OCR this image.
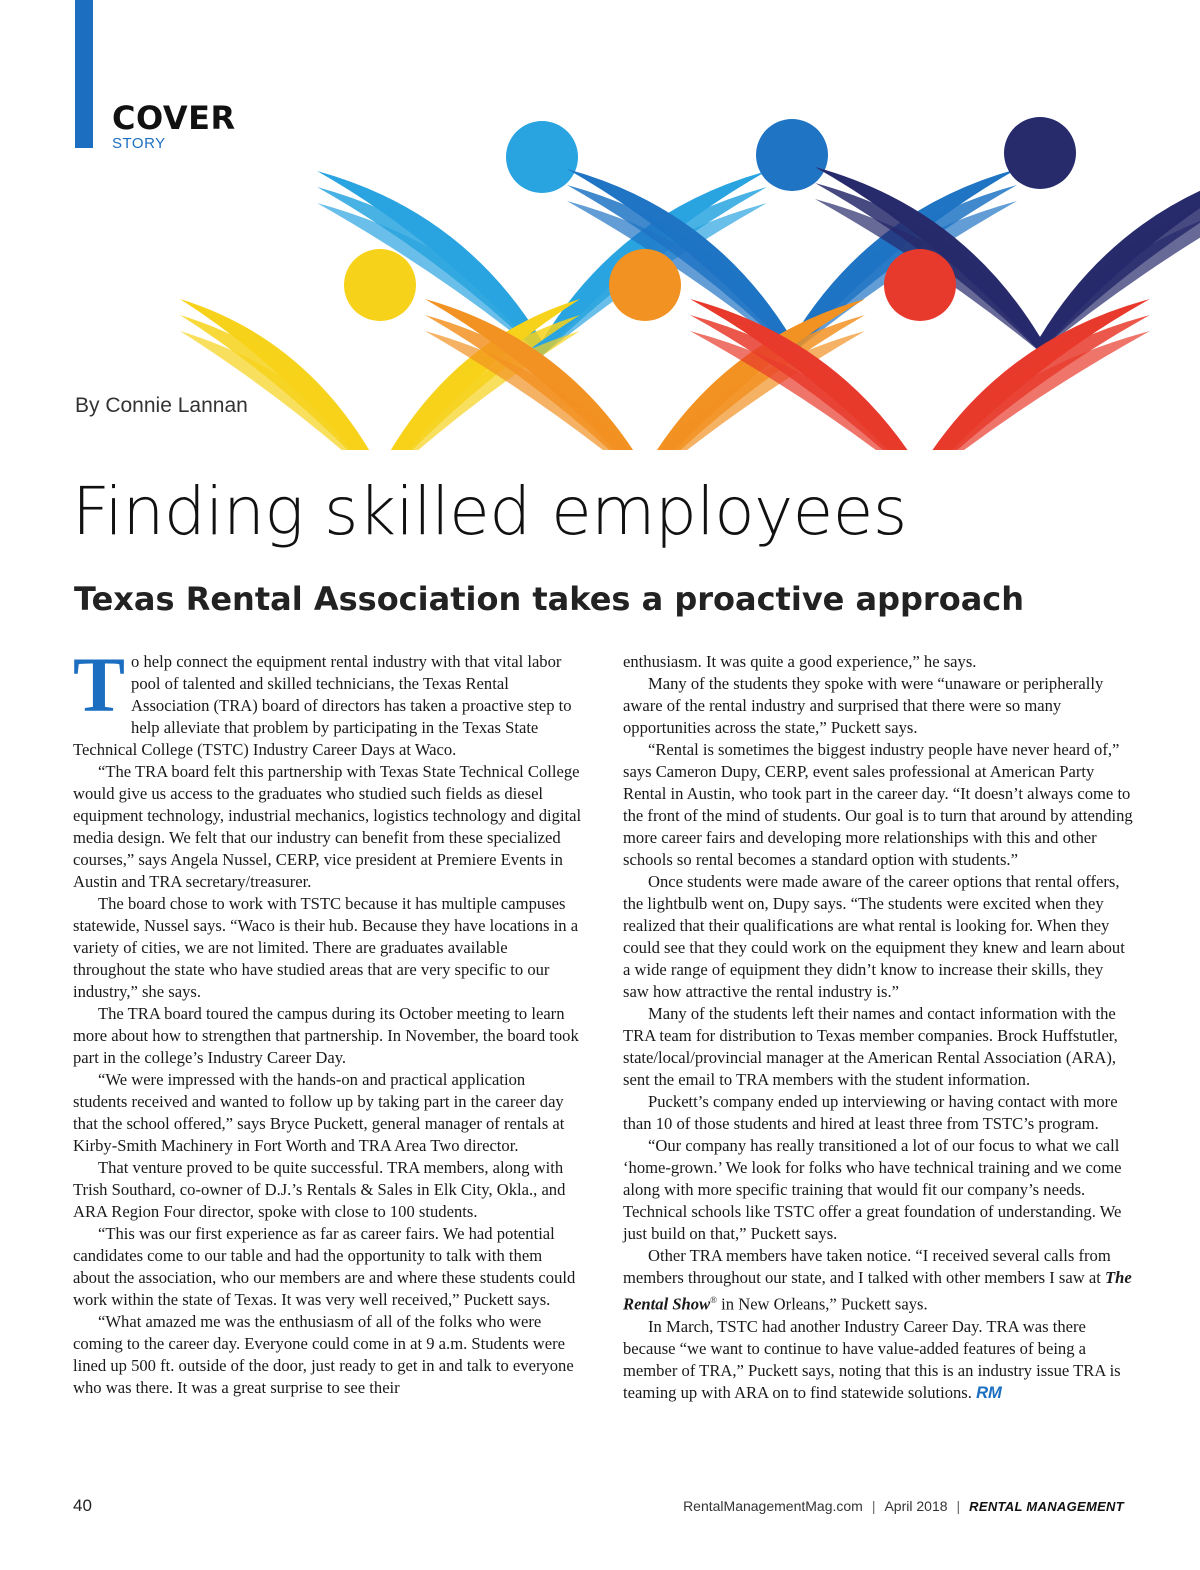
COVER
STORY
By Connie Lannan
Finding skilled employees
Texas Rental Association takes a proactive approach

To help connect the equipment rental industry with that vital labor pool of talented and skilled technicians, the Texas Rental Association (TRA) board of directors has taken a proactive step to help alleviate that problem by participating in the Texas State Technical College (TSTC) Industry Career Days at Waco.

“The TRA board felt this partnership with Texas State Technical College would give us access to the graduates who studied such fields as diesel equipment technology, industrial mechanics, logistics technology and digital media design. We felt that our industry can benefit from these specialized courses,” says Angela Nussel, CERP, vice president at Premiere Events in Austin and TRA secretary/treasurer.

The board chose to work with TSTC because it has multiple campuses statewide, Nussel says. “Waco is their hub. Because they have locations in a variety of cities, we are not limited. There are graduates available throughout the state who have studied areas that are very specific to our industry,” she says.

The TRA board toured the campus during its October meeting to learn more about how to strengthen that partnership. In November, the board took part in the college’s Industry Career Day.

“We were impressed with the hands-on and practical application students received and wanted to follow up by taking part in the career day that the school offered,” says Bryce Puckett, general manager of rentals at Kirby-Smith Machinery in Fort Worth and TRA Area Two director.

That venture proved to be quite successful. TRA members, along with Trish Southard, co-owner of D.J.’s Rentals & Sales in Elk City, Okla., and ARA Region Four director, spoke with close to 100 students.

“This was our first experience as far as career fairs. We had potential candidates come to our table and had the opportunity to talk with them about the association, who our members are and where these students could work within the state of Texas. It was very well received,” Puckett says.

“What amazed me was the enthusiasm of all of the folks who were coming to the career day. Everyone could come in at 9 a.m. Students were lined up 500 ft. outside of the door, just ready to get in and talk to everyone who was there. It was a great surprise to see their

enthusiasm. It was quite a good experience,” he says.

Many of the students they spoke with were “unaware or peripherally aware of the rental industry and surprised that there were so many opportunities across the state,” Puckett says.

“Rental is sometimes the biggest industry people have never heard of,” says Cameron Dupy, CERP, event sales professional at American Party Rental in Austin, who took part in the career day. “It doesn’t always come to the front of the mind of students. Our goal is to turn that around by attending more career fairs and developing more relationships with this and other schools so rental becomes a standard option with students.”

Once students were made aware of the career options that rental offers, the lightbulb went on, Dupy says. “The students were excited when they realized that their qualifications are what rental is looking for. When they could see that they could work on the equipment they knew and learn about a wide range of equipment they didn’t know to increase their skills, they saw how attractive the rental industry is.”

Many of the students left their names and contact information with the TRA team for distribution to Texas member companies. Brock Huffstutler, state/local/provincial manager at the American Rental Association (ARA), sent the email to TRA members with the student information.

Puckett’s company ended up interviewing or having contact with more than 10 of those students and hired at least three from TSTC’s program.

“Our company has really transitioned a lot of our focus to what we call ‘home-grown.’ We look for folks who have technical training and we come along with more specific training that would fit our company’s needs. Technical schools like TSTC offer a great foundation of understanding. We just build on that,” Puckett says.

Other TRA members have taken notice. “I received several calls from members throughout our state, and I talked with other members I saw at The Rental Show® in New Orleans,” Puckett says.

In March, TSTC had another Industry Career Day. TRA was there because “we want to continue to have value-added features of being a member of TRA,” Puckett says, noting that this is an industry issue TRA is teaming up with ARA on to find statewide solutions. RM

40	RentalManagementMag.com | April 2018 | RENTAL MANAGEMENT
